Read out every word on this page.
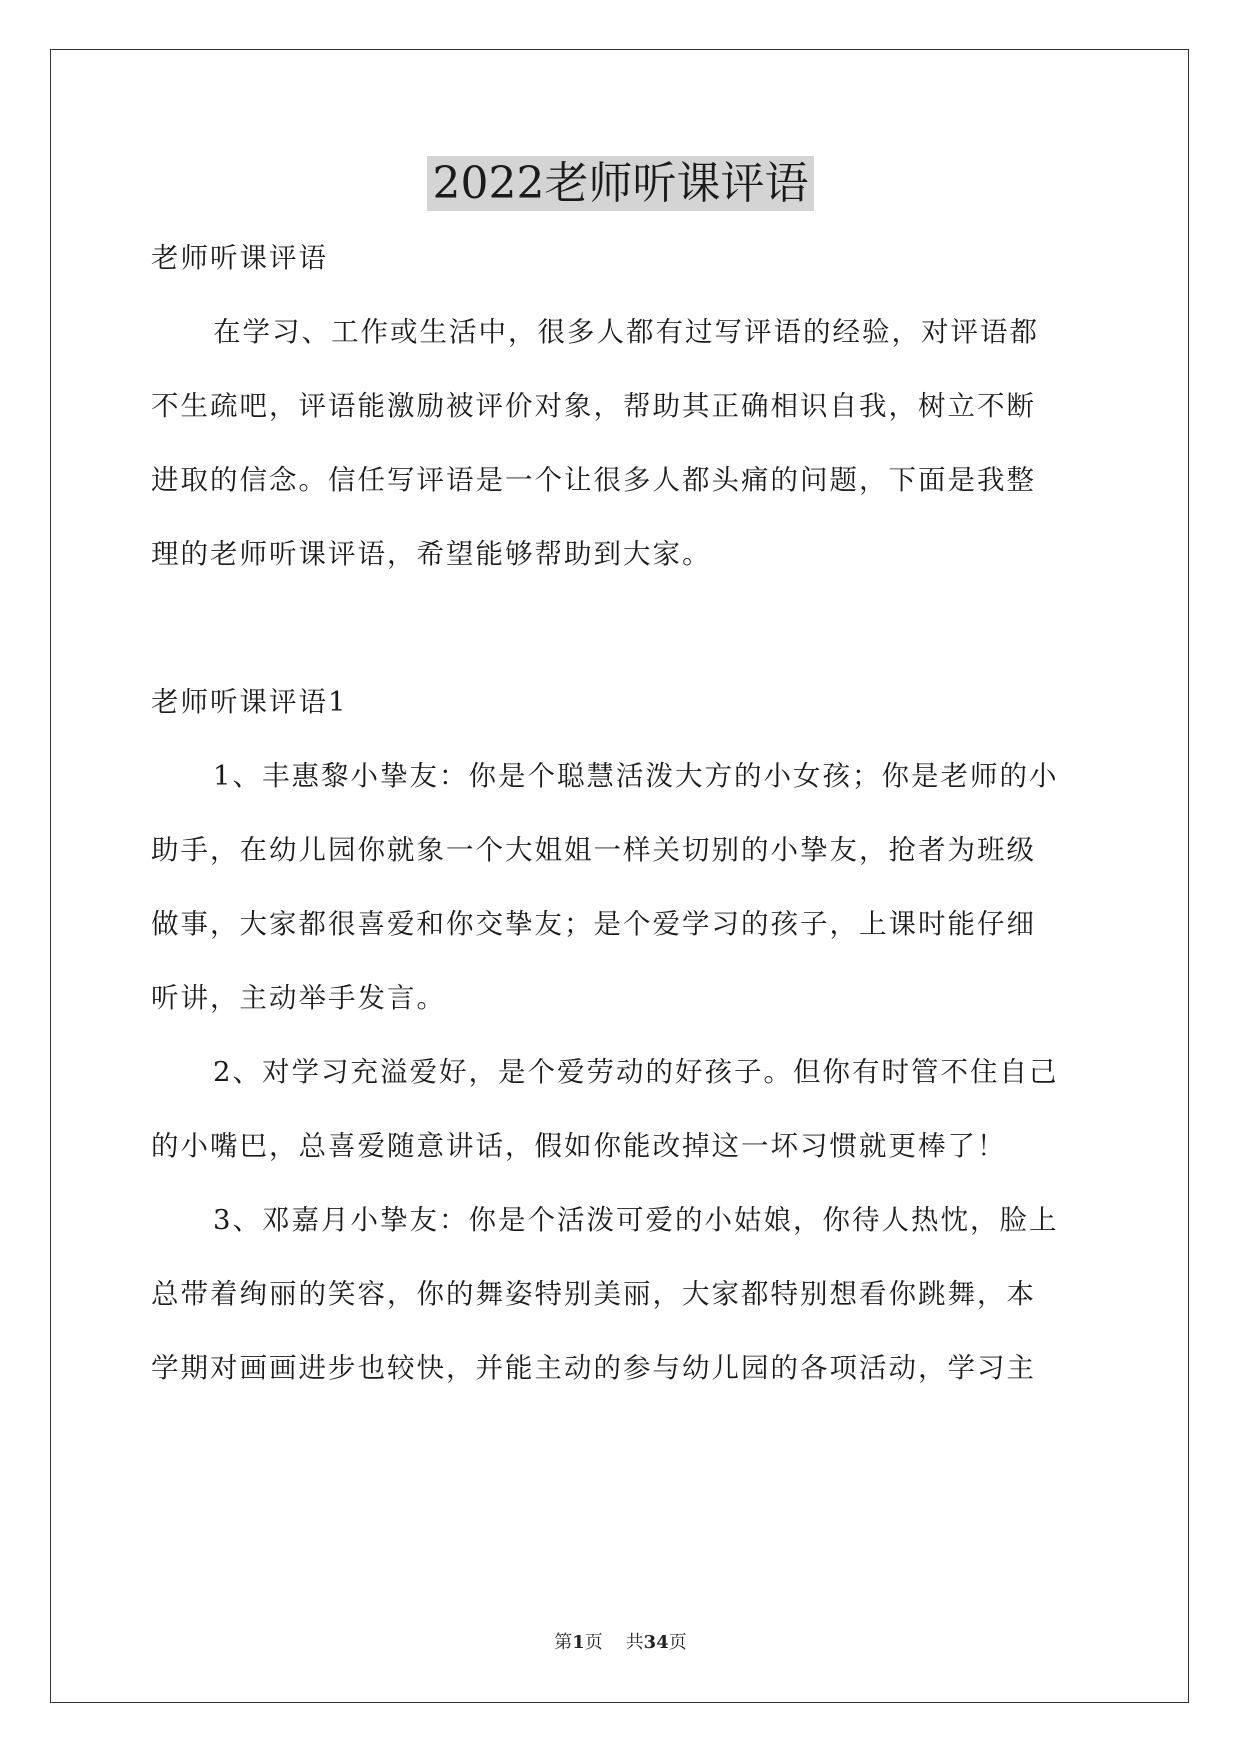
2022老师听课评语
老师听课评语
在学习、工作或生活中，很多人都有过写评语的经验，对评语都
不生疏吧，评语能激励被评价对象，帮助其正确相识自我，树立不断
进取的信念。信任写评语是一个让很多人都头痛的问题，下面是我整
理的老师听课评语，希望能够帮助到大家。
老师听课评语1
1、丰惠黎小挚友：你是个聪慧活泼大方的小女孩；你是老师的小
助手，在幼儿园你就象一个大姐姐一样关切别的小挚友，抢者为班级
做事，大家都很喜爱和你交挚友；是个爱学习的孩子，上课时能仔细
听讲，主动举手发言。
2、对学习充溢爱好，是个爱劳动的好孩子。但你有时管不住自己
的小嘴巴，总喜爱随意讲话，假如你能改掉这一坏习惯就更棒了！
3、邓嘉月小挚友：你是个活泼可爱的小姑娘，你待人热忱，脸上
总带着绚丽的笑容，你的舞姿特别美丽，大家都特别想看你跳舞，本
学期对画画进步也较快，并能主动的参与幼儿园的各项活动，学习主
第1页 共34页
